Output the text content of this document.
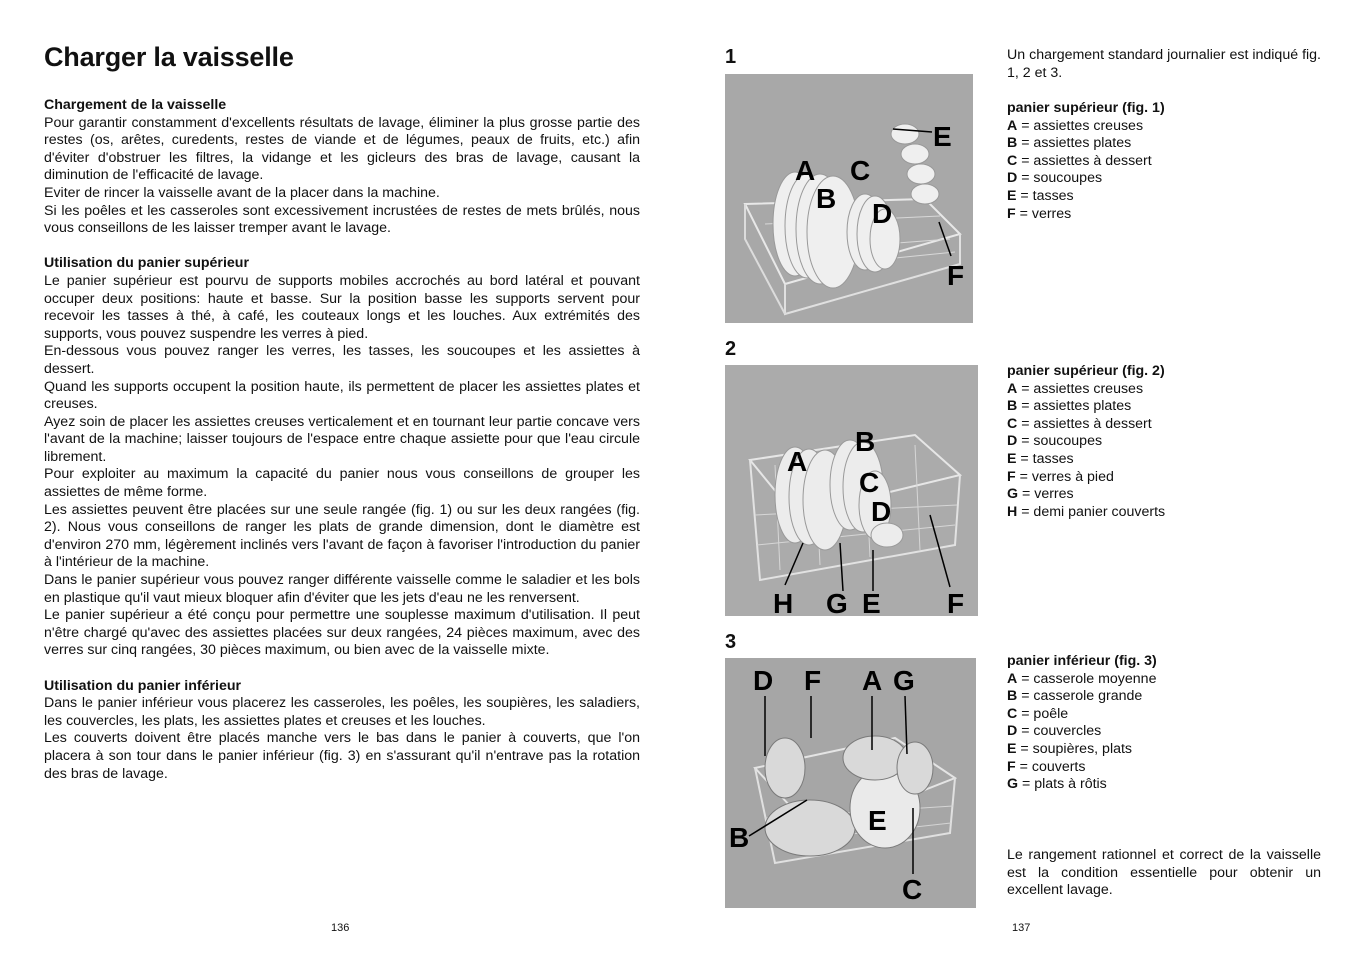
Charger la vaisselle

Chargement de la vaisselle

Pour garantir constamment d'excellents résultats de lavage, éliminer la plus grosse partie des restes (os, arêtes, curedents, restes de viande et de légumes, peaux de fruits, etc.) afin d'éviter d'obstruer les filtres, la vidange et les gicleurs des bras de lavage, causant la diminution de l'efficacité de lavage.

Eviter de rincer la vaisselle avant de la placer dans la machine.

Si les poêles et les casseroles sont excessivement incrustées de restes de mets brûlés, nous vous conseillons de les laisser tremper avant le lavage.

Utilisation du panier supérieur

Le panier supérieur est pourvu de supports mobiles accrochés au bord latéral et pouvant occuper deux positions: haute et basse. Sur la position basse les supports servent pour recevoir les tasses à thé, à café, les couteaux longs et les louches. Aux extrémités des supports, vous pouvez suspendre les verres à pied.

En-dessous vous pouvez ranger les verres, les tasses, les soucoupes et les assiettes à dessert.

Quand les supports occupent la position haute, ils permettent de placer les assiettes plates et creuses.

Ayez soin de placer les assiettes creuses verticalement et en tournant leur partie concave vers l'avant de la machine; laisser toujours de l'espace entre chaque assiette pour que l'eau circule librement.

Pour exploiter au maximum la capacité du panier nous vous conseillons de grouper les assiettes de même forme.

Les assiettes peuvent être placées sur une seule rangée (fig. 1) ou sur les deux rangées (fig. 2). Nous vous conseillons de ranger les plats de grande dimension, dont le diamètre est d'environ 270 mm, légèrement inclinés vers l'avant de façon à favoriser l'introduction du panier à l'intérieur de la machine.

Dans le panier supérieur vous pouvez ranger différente vaisselle comme le saladier et les bols en plastique qu'il vaut mieux bloquer afin d'éviter que les jets d'eau ne les renversent.

Le panier supérieur a été conçu pour permettre une souplesse maximum d'utilisation. Il peut n'être chargé qu'avec des assiettes placées sur deux rangées, 24 pièces maximum, avec des verres sur cinq rangées, 30 pièces maximum, ou bien avec de la vaisselle mixte.

Utilisation du panier inférieur

Dans le panier inférieur vous placerez les casseroles, les poêles, les soupières, les saladiers, les couvercles, les plats, les assiettes plates et creuses et les louches.

Les couverts doivent être placés manche vers le bas dans le panier à couverts, que l'on placera à son tour dans le panier inférieur (fig. 3) en s'assurant qu'il n'entrave pas la rotation des bras de lavage.

136
1
E
A C
B D
F
2
B
A
C
D
H G E F
3
D F A G
E
B
C

Un chargement standard journalier est indiqué fig. 1, 2 et 3.

panier supérieur (fig. 1)
A = assiettes creuses
B = assiettes plates
C = assiettes à dessert
D = soucoupes
E = tasses
F = verres
panier supérieur (fig. 2)
A = assiettes creuses
B = assiettes plates
C = assiettes à dessert
D = soucoupes
E = tasses
F = verres à pied
G = verres
H = demi panier couverts
panier inférieur (fig. 3)
A = casserole moyenne
B = casserole grande
C = poêle
D = couvercles
E = soupières, plats
F = couverts
G = plats à rôtis

Le rangement rationnel et correct de la vaisselle est la condition essentielle pour obtenir un excellent lavage.

137
